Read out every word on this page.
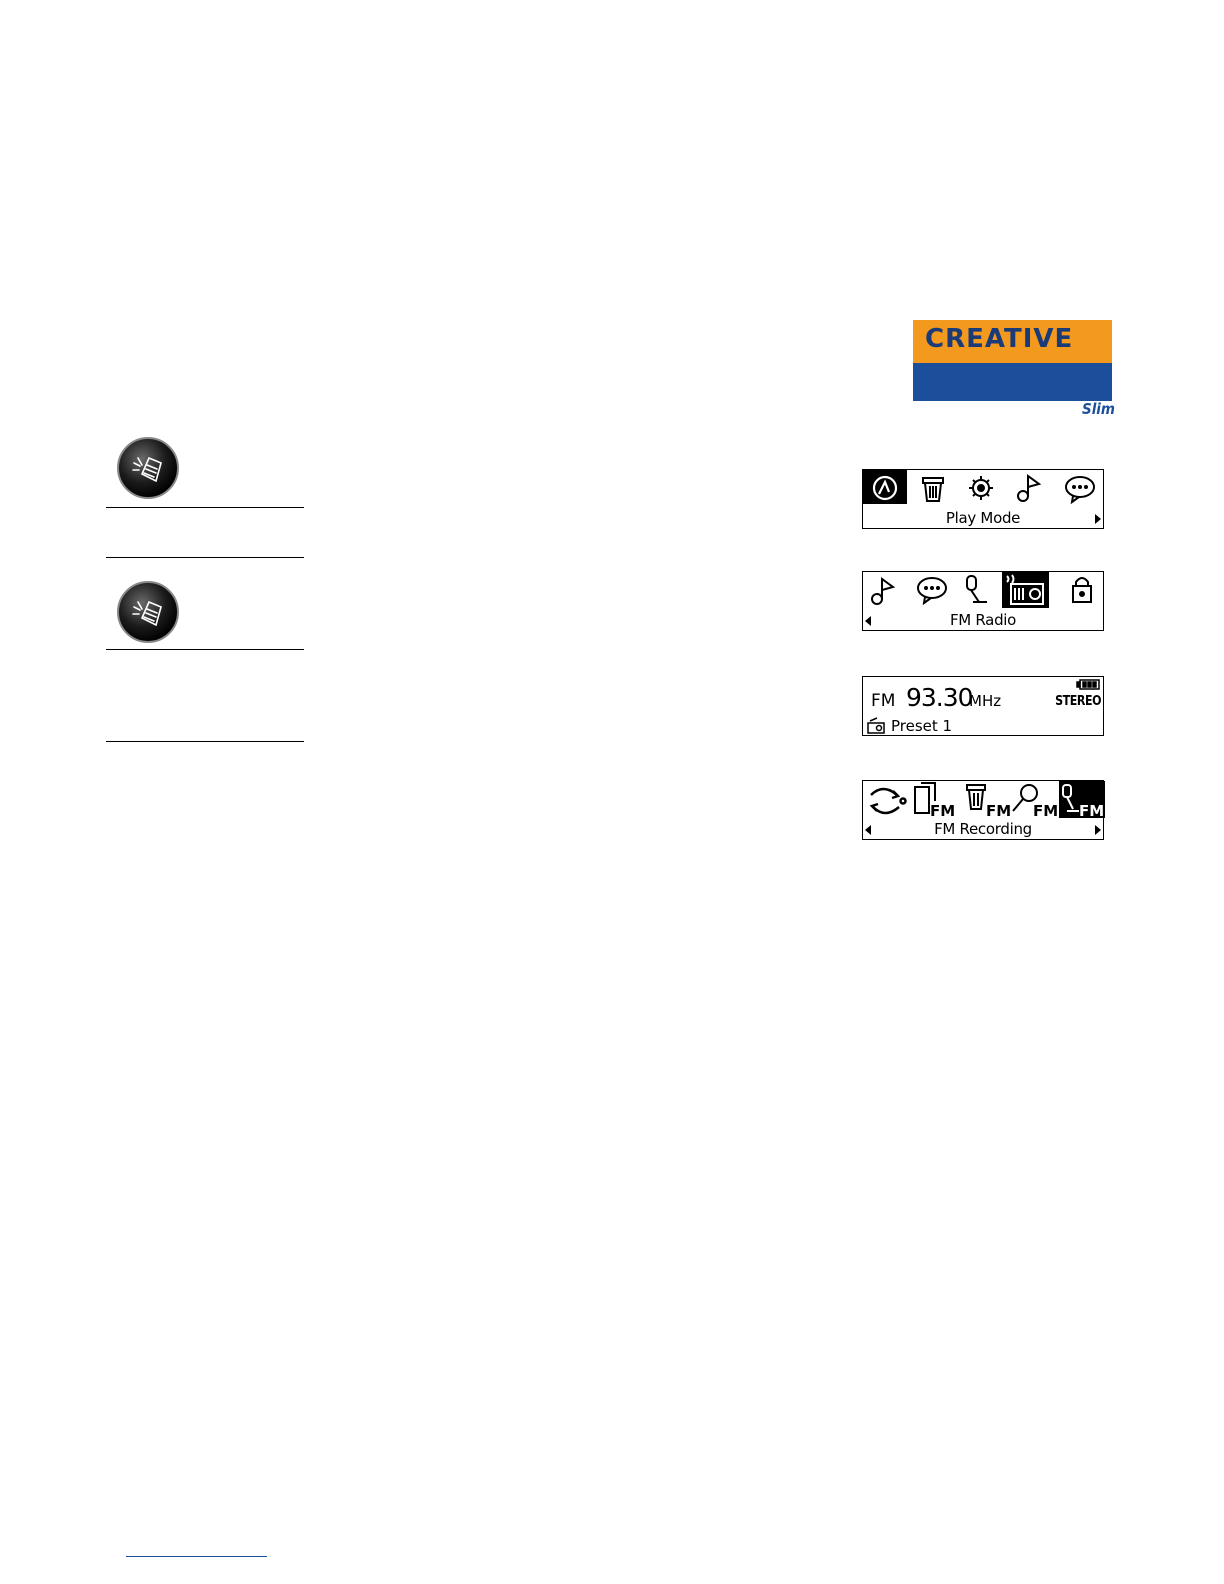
CREATIVE
MuVo	Slim
Play Mode
FM Radio
FM 93.30
MHz	STEREO
Preset 1
FM FM FM FM
FM Recording
